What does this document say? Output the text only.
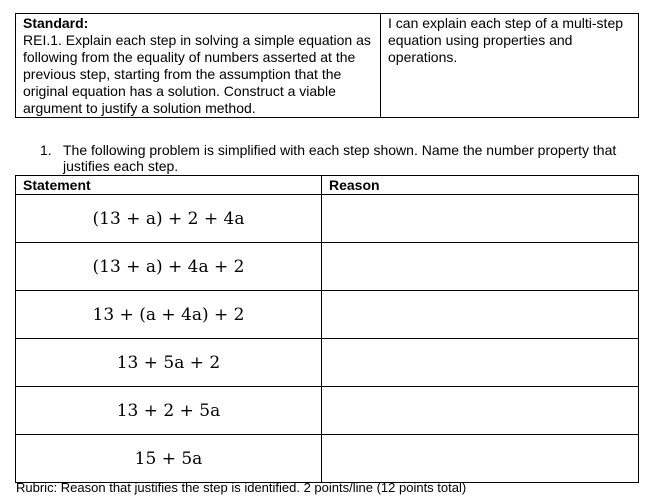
Standard:
REI.1. Explain each step in solving a simple equation as following from the equality of numbers asserted at the previous step, starting from the assumption that the original equation has a solution. Construct a viable argument to justify a solution method.	I can explain each step of a multi-step equation using properties and operations.
1. The following problem is simplified with each step shown. Name the number property that justifies each step.
Statement	Reason
(13 + a) + 2 + 4a	
(13 + a) + 4a + 2	
13 + (a + 4a) + 2	
13 + 5a + 2	
13 + 2 + 5a	
15 + 5a	
Rubric: Reason that justifies the step is identified. 2 points/line (12 points total)
